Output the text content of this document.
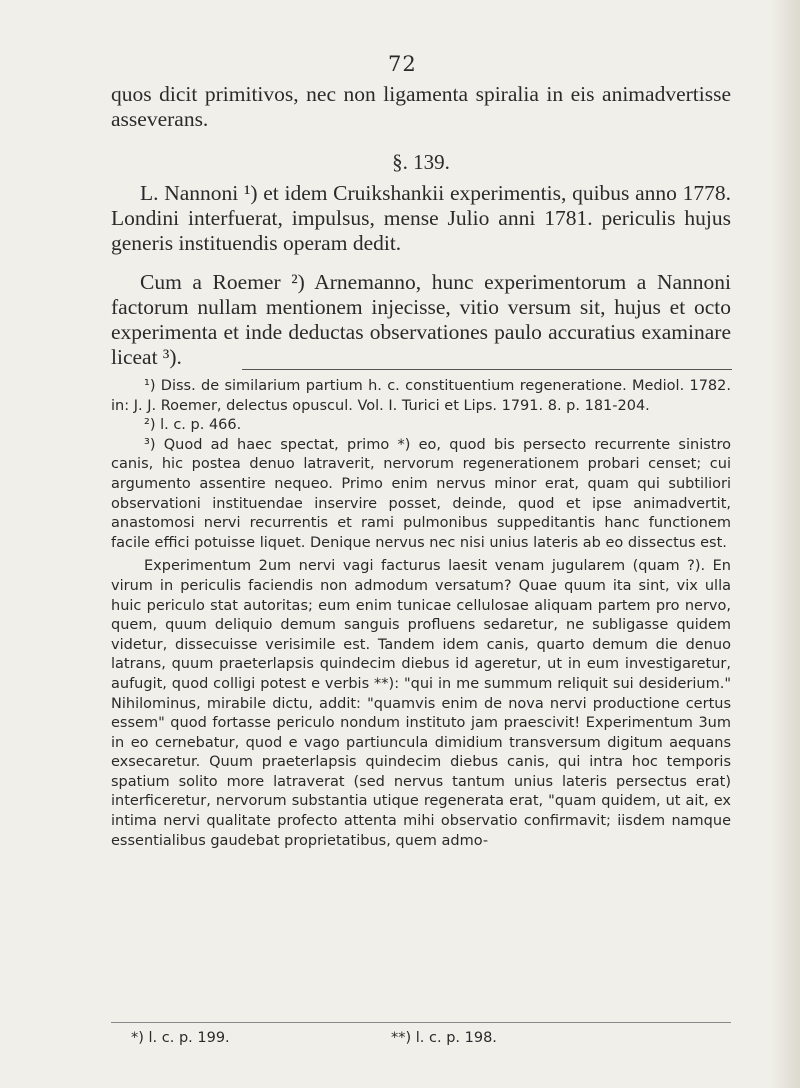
72

quos dicit primitivos, nec non ligamenta spiralia in eis animadvertisse asseverans.

§. 139.

L. Nannoni ¹) et idem Cruikshankii experimentis, quibus anno 1778. Londini interfuerat, impulsus, mense Julio anni 1781. periculis hujus generis instituendis operam dedit.

Cum a Roemer ²) Arnemanno, hunc experimentorum a Nannoni factorum nullam mentionem injecisse, vitio versum sit, hujus et octo experimenta et inde deductas observationes paulo accuratius examinare liceat ³).

¹) Diss. de similarium partium h. c. constituentium regeneratione. Mediol. 1782. in: J. J. Roemer, delectus opuscul. Vol. I. Turici et Lips. 1791. 8. p. 181-204.

²) l. c. p. 466.

³) Quod ad haec spectat, primo *) eo, quod bis persecto recurrente sinistro canis, hic postea denuo latraverit, nervorum regenerationem probari censet; cui argumento assentire nequeo. Primo enim nervus minor erat, quam qui subtiliori observationi instituendae inservire posset, deinde, quod et ipse animadvertit, anastomosi nervi recurrentis et rami pulmonibus suppeditantis hanc functionem facile effici potuisse liquet. Denique nervus nec nisi unius lateris ab eo dissectus est.

Experimentum 2um nervi vagi facturus laesit venam jugularem (quam ?). En virum in periculis faciendis non admodum versatum? Quae quum ita sint, vix ulla huic periculo stat autoritas; eum enim tunicae cellulosae aliquam partem pro nervo, quem, quum deliquio demum sanguis profluens sedaretur, ne subligasse quidem videtur, dissecuisse verisimile est. Tandem idem canis, quarto demum die denuo latrans, quum praeterlapsis quindecim diebus id ageretur, ut in eum investigaretur, aufugit, quod colligi potest e verbis **): "qui in me summum reliquit sui desiderium." Nihilominus, mirabile dictu, addit: "quamvis enim de nova nervi productione certus essem" quod fortasse periculo nondum instituto jam praescivit! Experimentum 3um in eo cernebatur, quod e vago partiuncula dimidium transversum digitum aequans exsecaretur. Quum praeterlapsis quindecim diebus canis, qui intra hoc temporis spatium solito more latraverat (sed nervus tantum unius lateris persectus erat) interficeretur, nervorum substantia utique regenerata erat, "quam quidem, ut ait, ex intima nervi qualitate profecto attenta mihi observatio confirmavit; iisdem namque essentialibus gaudebat proprietatibus, quem admo-

*) l. c. p. 199.	**) l. c. p. 198.
